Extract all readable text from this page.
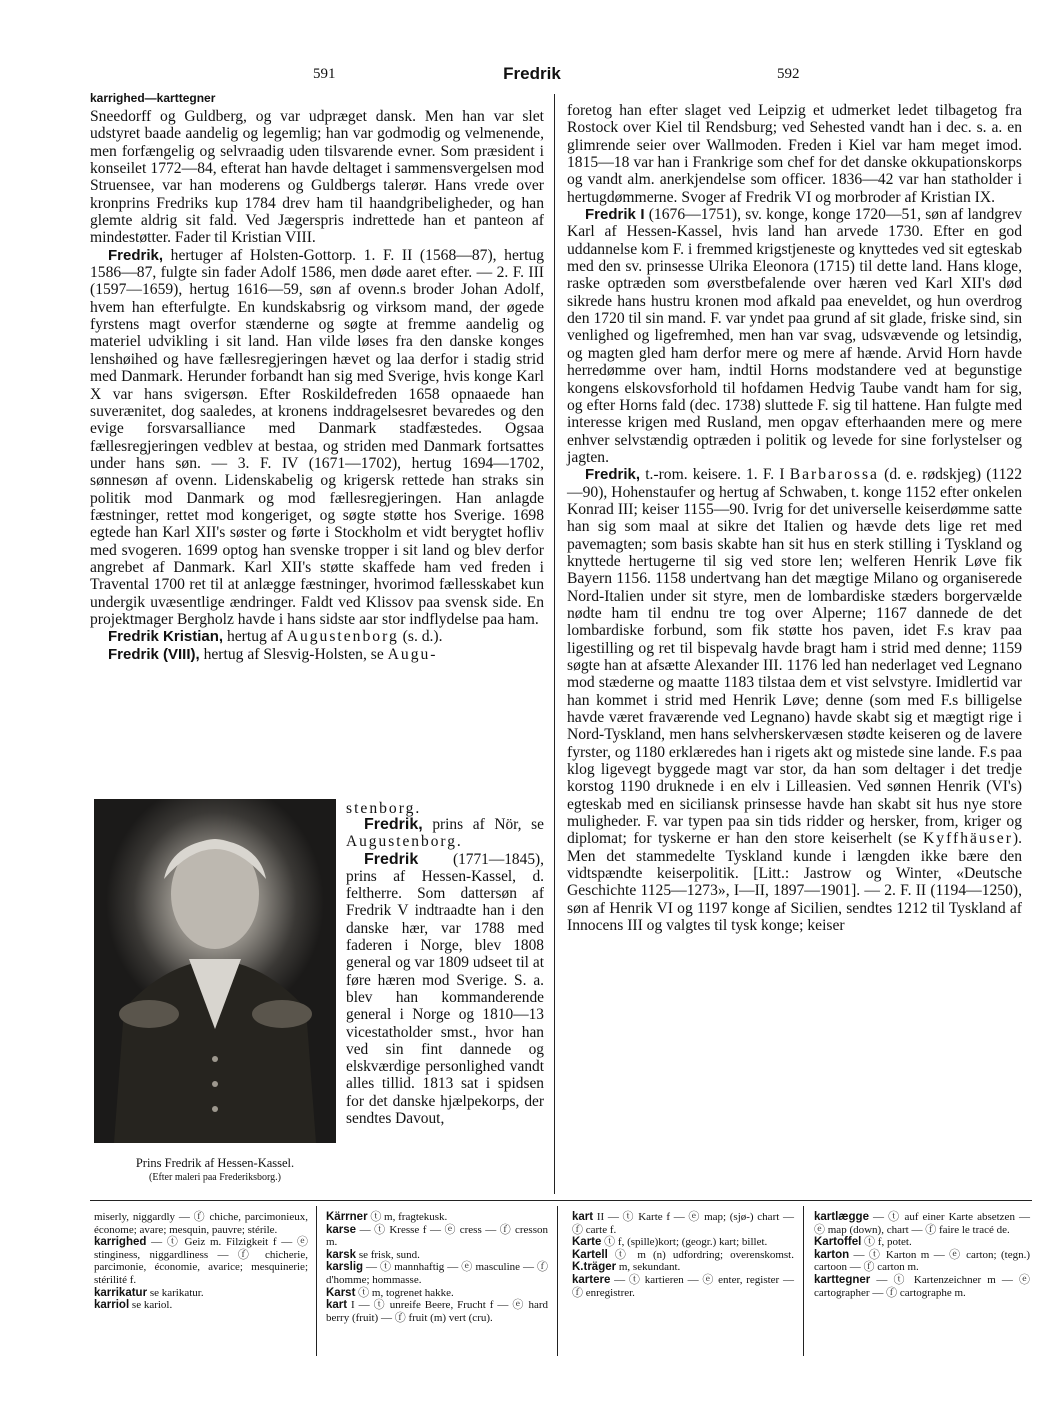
591	Fredrik	592
karrighed—karttegner

Sneedorff og Guldberg, og var udpræget dansk. Men han var slet udstyret baade aandelig og legemlig; han var godmodig og velmenende, men forfængelig og selvraadig uden tilsvarende evner. Som præsident i konseilet 1772—84, efterat han havde deltaget i sammensvergelsen mod Struensee, var han moderens og Guldbergs talerør. Hans vrede over kronprins Fredriks kup 1784 drev ham til haandgribeligheder, og han glemte aldrig sit fald. Ved Jægerspris indrettede han et panteon af mindestøtter. Fader til Kristian VIII.

Fredrik, hertuger af Holsten-Gottorp. 1. F. II (1568—87), hertug 1586—87, fulgte sin fader Adolf 1586, men døde aaret efter. — 2. F. III (1597—1659), hertug 1616—59, søn af ovenn.s broder Johan Adolf, hvem han efterfulgte. En kundskabsrig og virksom mand, der øgede fyrstens magt overfor stænderne og søgte at fremme aandelig og materiel udvikling i sit land. Han vilde løses fra den danske konges lenshøihed og have fællesregjeringen hævet og laa derfor i stadig strid med Danmark. Herunder forbandt han sig med Sverige, hvis konge Karl X var hans svigersøn. Efter Roskildefreden 1658 opnaaede han suverænitet, dog saaledes, at kronens inddragelsesret bevaredes og den evige forsvarsalliance med Danmark stadfæstedes. Ogsaa fællesregjeringen vedblev at bestaa, og striden med Danmark fortsattes under hans søn. — 3. F. IV (1671—1702), hertug 1694—1702, sønnesøn af ovenn. Lidenskabelig og krigersk rettede han straks sin politik mod Danmark og mod fællesregjeringen. Han anlagde fæstninger, rettet mod kongeriget, og søgte støtte hos Sverige. 1698 egtede han Karl XII's søster og førte i Stockholm et vidt berygtet hofliv med svogeren. 1699 optog han svenske tropper i sit land og blev derfor angrebet af Danmark. Karl XII's støtte skaffede ham ved freden i Travental 1700 ret til at anlægge fæstninger, hvorimod fællesskabet kun undergik uvæsentlige ændringer. Faldt ved Klissov paa svensk side. En projektmager Bergholz havde i hans sidste aar stor indflydelse paa ham.

Fredrik Kristian, hertug af Augustenborg (s. d.).

Fredrik (VIII), hertug af Slesvig-Holsten, se Augu-

stenborg.

Fredrik, prins af Nör, se Augustenborg.

Fredrik (1771—1845), prins af Hessen-Kassel, d. feltherre. Som dattersøn af Fredrik V indtraadte han i den danske hær, var 1788 med faderen i Norge, blev 1808 general og var 1809 udseet til at føre hæren mod Sverige. S. a. blev han kommanderende general i Norge og 1810—13 vicestatholder smst., hvor han ved sin fint dannede og elskværdige personlighed vandt alles tillid. 1813 sat i spidsen for det danske hjælpekorps, der sendtes Davout,

Prins Fredrik af Hessen-Kassel.
(Efter maleri paa Frederiksborg.)

foretog han efter slaget ved Leipzig et udmerket ledet tilbagetog fra Rostock over Kiel til Rendsburg; ved Sehested vandt han i dec. s. a. en glimrende seier over Wallmoden. Freden i Kiel var ham meget imod. 1815—18 var han i Frankrige som chef for det danske okkupationskorps og vandt alm. anerkjendelse som officer. 1836—42 var han statholder i hertugdømmerne. Svoger af Fredrik VI og morbroder af Kristian IX.

Fredrik I (1676—1751), sv. konge, konge 1720—51, søn af landgrev Karl af Hessen-Kassel, hvis land han arvede 1730. Efter en god uddannelse kom F. i fremmed krigstjeneste og knyttedes ved sit egteskab med den sv. prinsesse Ulrika Eleonora (1715) til dette land. Hans kloge, raske optræden som øverstbefalende over hæren ved Karl XII's død sikrede hans hustru kronen mod afkald paa eneveldet, og hun overdrog den 1720 til sin mand. F. var yndet paa grund af sit glade, friske sind, sin venlighed og ligefremhed, men han var svag, udsvævende og letsindig, og magten gled ham derfor mere og mere af hænde. Arvid Horn havde herredømme over ham, indtil Horns modstandere ved at begunstige kongens elskovsforhold til hofdamen Hedvig Taube vandt ham for sig, og efter Horns fald (dec. 1738) sluttede F. sig til hattene. Han fulgte med interesse krigen med Rusland, men opgav efterhaanden mere og mere enhver selvstændig optræden i politik og levede for sine forlystelser og jagten.

Fredrik, t.-rom. keisere. 1. F. I Barbarossa (d. e. rødskjeg) (1122—90), Hohenstaufer og hertug af Schwaben, t. konge 1152 efter onkelen Konrad III; keiser 1155—90. Ivrig for det universelle keiserdømme satte han sig som maal at sikre det Italien og hævde dets lige ret med pavemagten; som basis skabte han sit hus en sterk stilling i Tyskland og knyttede hertugerne til sig ved store len; welferen Henrik Løve fik Bayern 1156. 1158 undertvang han det mægtige Milano og organiserede Nord-Italien under sit styre, men de lombardiske stæders borgervælde nødte ham til endnu tre tog over Alperne; 1167 dannede de det lombardiske forbund, som fik støtte hos paven, idet F.s krav paa ligestilling og ret til bispevalg havde bragt ham i strid med denne; 1159 søgte han at afsætte Alexander III. 1176 led han nederlaget ved Legnano mod stæderne og maatte 1183 tilstaa dem et vist selvstyre. Imidlertid var han kommet i strid med Henrik Løve; denne (som med F.s billigelse havde været fraværende ved Legnano) havde skabt sig et mægtigt rige i Nord-Tyskland, men hans selvherskervæsen stødte keiseren og de lavere fyrster, og 1180 erklæredes han i rigets akt og mistede sine lande. F.s paa klog ligevegt byggede magt var stor, da han som deltager i det tredje korstog 1190 druknede i en elv i Lilleasien. Ved sønnen Henrik (VI's) egteskab med en siciliansk prinsesse havde han skabt sit hus nye store muligheder. F. var typen paa sin tids ridder og hersker, from, kriger og diplomat; for tyskerne er han den store keiserhelt (se Kyffhäuser). Men det stammedelte Tyskland kunde i længden ikke bære den vidtspændte keiserpolitik. [Litt.: Jastrow og Winter, «Deutsche Geschichte 1125—1273», I—II, 1897—1901]. — 2. F. II (1194—1250), søn af Henrik VI og 1197 konge af Sicilien, sendtes 1212 til Tyskland af Innocens III og valgtes til tysk konge; keiser

miserly, niggardly — ⓕ chiche, parcimonieux, économe; avare; mesquin, pauvre; stérile.

karrighed — ⓣ Geiz m. Filzigkeit f — ⓔ stinginess, niggardliness — ⓕ chicherie, parcimonie, économie, avarice; mesquinerie; stérilité f.

karrikatur se karikatur.

karriol se kariol.

Kärrner ⓣ m, fragtekusk.

karse — ⓣ Kresse f — ⓔ cress — ⓕ cresson m.

karsk se frisk, sund.

karslig — ⓣ mannhaftig — ⓔ masculine — ⓕ d'homme; hommasse.

Karst ⓣ m, togrenet hakke.

kart I — ⓣ unreife Beere, Frucht f — ⓔ hard berry (fruit) — ⓕ fruit (m) vert (cru).

kart II — ⓣ Karte f — ⓔ map; (sjø-) chart — ⓕ carte f.

Karte ⓣ f, (spille)kort; (geogr.) kart; billet.

Kartell ⓣ m (n) udfordring; overenskomst. K.träger m, sekundant.

kartere — ⓣ kartieren — ⓔ enter, register — ⓕ enregistrer.

kartlægge — ⓣ auf einer Karte absetzen — ⓔ map (down), chart — ⓕ faire le tracé de.

Kartoffel ⓣ f, potet.

karton — ⓣ Karton m — ⓔ carton; (tegn.) cartoon — ⓕ carton m.

karttegner — ⓣ Kartenzeichner m — ⓔ cartographer — ⓕ cartographe m.
